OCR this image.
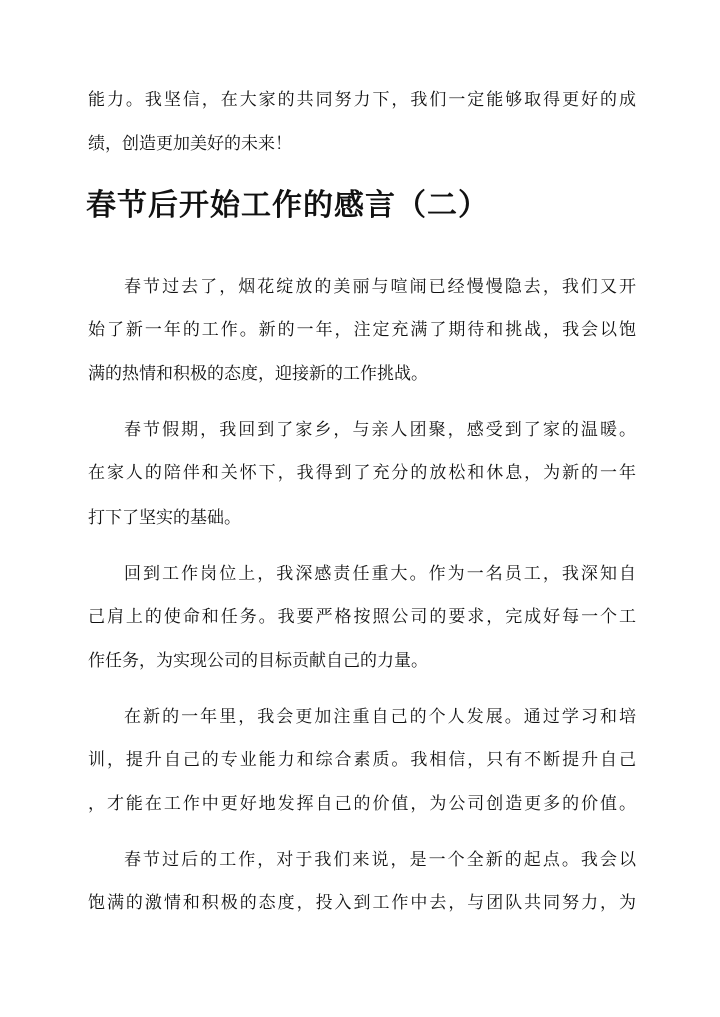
能力。我坚信，在大家的共同努力下，我们一定能够取得更好的成
绩，创造更加美好的未来！
春节后开始工作的感言（二）
春节过去了，烟花绽放的美丽与喧闹已经慢慢隐去，我们又开
始了新一年的工作。新的一年，注定充满了期待和挑战，我会以饱
满的热情和积极的态度，迎接新的工作挑战。
春节假期，我回到了家乡，与亲人团聚，感受到了家的温暖。
在家人的陪伴和关怀下，我得到了充分的放松和休息，为新的一年
打下了坚实的基础。
回到工作岗位上，我深感责任重大。作为一名员工，我深知自
己肩上的使命和任务。我要严格按照公司的要求，完成好每一个工
作任务，为实现公司的目标贡献自己的力量。
在新的一年里，我会更加注重自己的个人发展。通过学习和培
训，提升自己的专业能力和综合素质。我相信，只有不断提升自己
，才能在工作中更好地发挥自己的价值，为公司创造更多的价值。
春节过后的工作，对于我们来说，是一个全新的起点。我会以
饱满的激情和积极的态度，投入到工作中去，与团队共同努力，为
